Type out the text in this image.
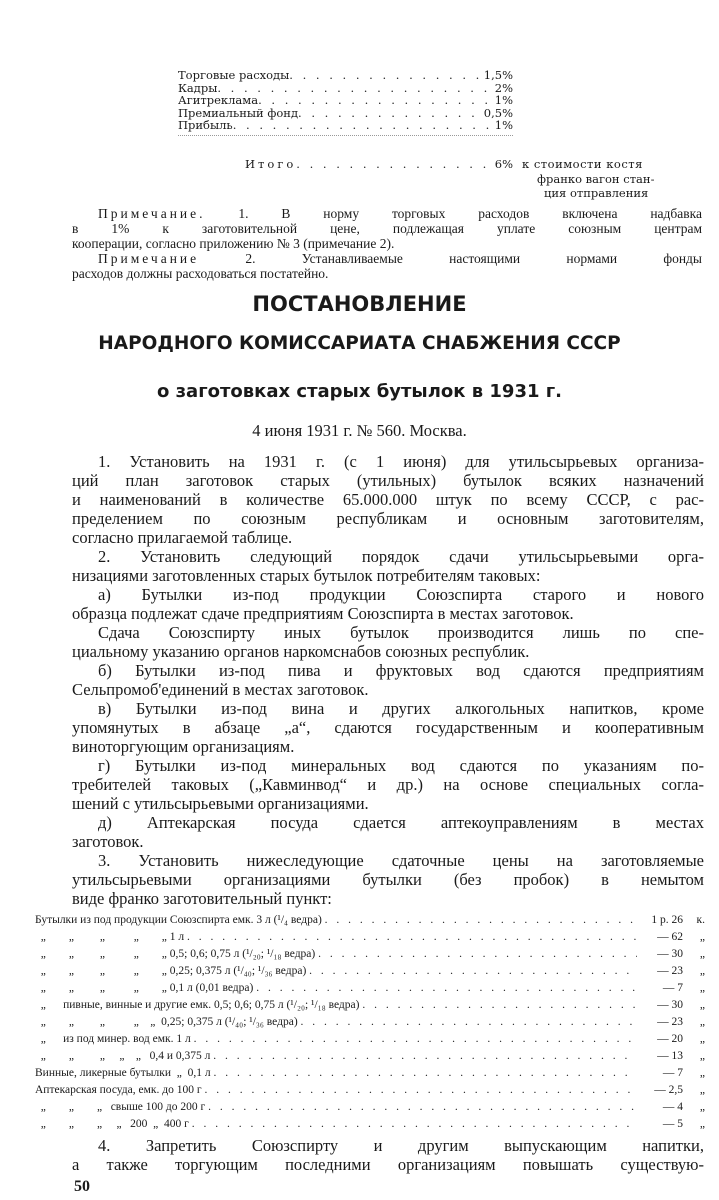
Торговые расходы . . .	1,5%
Кадры . . .	2%
Агитреклама . . .	1%
Премиальный фонд . . .	0,5%
Прибыль . . .	1%
Итого . . .	6% к стоимости костя
франко вагон стан-
ция отправления
Примечание. 1. В норму торговых расходов включена надбавка
в 1% к заготовительной цене, подлежащая уплате союзным центрам
кооперации, согласно приложению № 3 (примечание 2).
Примечание	2. Устанавливаемые настоящими нормами фонды
расходов должны расходоваться постатейно.
ПОСТАНОВЛЕНИЕ
НАРОДНОГО КОМИССАРИАТА СНАБЖЕНИЯ СССР
о заготовках старых бутылок в 1931 г.
4 июня 1931 г. № 560. Москва.
1. Установить на 1931 г. (с 1 июня) для утильсырьевых организа-
ций план заготовок старых (утильных) бутылок всяких назначений
и наименований в количестве 65.000.000 штук по всему СССР, с рас-
пределением по союзным республикам и основным заготовителям,
согласно прилагаемой таблице.
2. Установить следующий порядок сдачи утильсырьевыми орга-
низациями заготовленных старых бутылок потребителям таковых:
а) Бутылки из-под продукции Союзспирта старого и нового
образца подлежат сдаче предприятиям Союзспирта в местах заготовок.
Сдача Союзспирту иных бутылок производится лишь по спе-
циальному указанию органов наркомснабов союзных республик.
б) Бутылки из-под пива и фруктовых вод сдаются предприятиям
Сельпромоб'единений в местах заготовок.
в) Бутылки из-под вина и других алкогольных напитков, кроме
упомянутых в абзаце „а“, сдаются государственным и кооперативным
виноторгующим организациям.
г) Бутылки из-под минеральных вод сдаются по указаниям по-
требителей таковых („Кавминвод“ и др.) на основе специальных согла-
шений с утильсырьевыми организациями.
д) Аптекарская посуда сдается аптекоуправлениям в местах
заготовок.
3. Установить нижеследующие сдаточные цены на заготовляемые
утильсырьевыми организациями бутылки (без пробок) в немытом
виде франко заготовительный пункт:
Бутылки из под продукции Союзспирта емк. 3 л (¹/₄ ведра) . . .	1 р. 26	к.
„        „         „          „        „ 1 л . . .	— 62	„
„        „         „          „        „ 0,5; 0,6; 0,75 л (¹/₂₀; ¹/₁₈ ведра) . . .	— 30	„
„        „         „          „        „ 0,25; 0,375 л (¹/₄₀; ¹/₃₆ ведра) . . .	— 23	„
„        „         „          „        „ 0,1 л (0,01 ведра) . . .	— 7	„
„      пивные, винные и другие емк. 0,5; 0,6; 0,75 л (¹/₂₀; ¹/₁₈ ведра) . . .	— 30	„
„        „         „          „    „  0,25; 0,375 л (¹/₄₀; ¹/₃₆ ведра) . . .	— 23	„
„      из под минер. вод емк. 1 л . . .	— 20	„
„        „         „     „    „   0,4 и 0,375 л . . .	— 13	„
Винные, ликерные бутылки  „  0,1 л . . .	— 7	„
Аптекарская посуда, емк. до 100 г . . .	— 2,5	„
„        „        „   свыше 100 до 200 г . . .	— 4	„
„        „        „     „   200  „  400 г . . .	— 5	„
4. Запретить Союзспирту и другим выпускающим напитки,
а также торгующим последними организациям повышать существую-
50
